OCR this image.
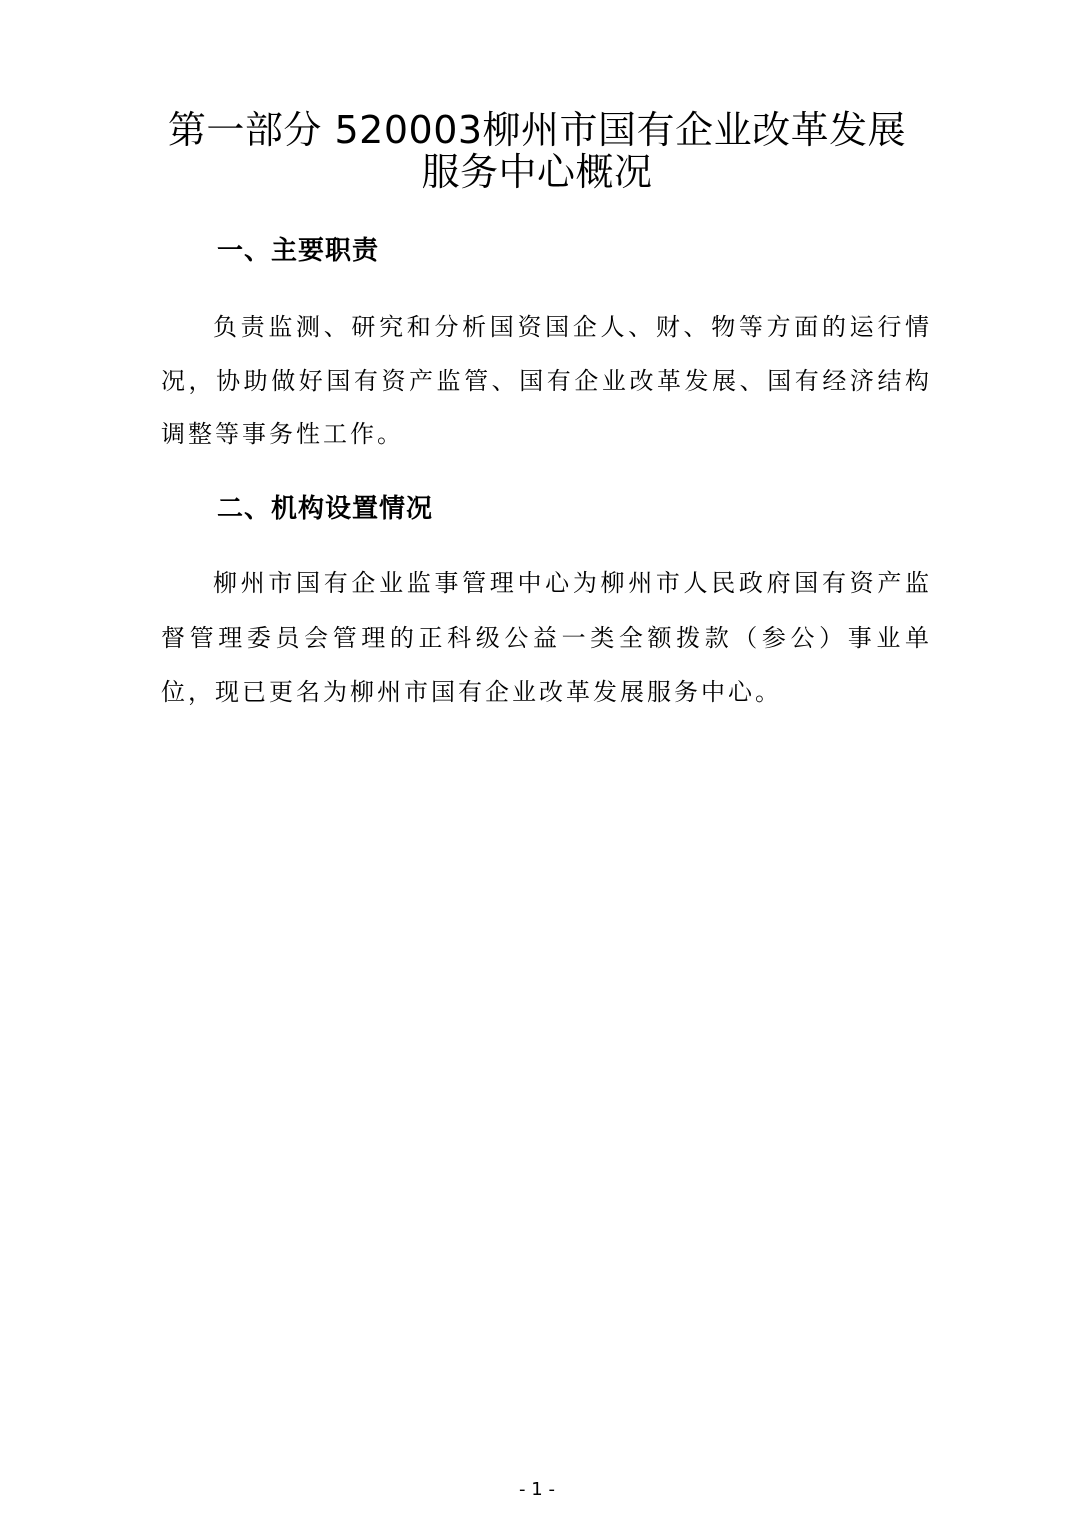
第一部分 520003柳州市国有企业改革发展
服务中心概况
一、主要职责

负责监测、研究和分析国资国企人、财、物等方面的运行情

况，协助做好国有资产监管、国有企业改革发展、国有经济结构

调整等事务性工作。

二、机构设置情况

柳州市国有企业监事管理中心为柳州市人民政府国有资产监

督管理委员会管理的正科级公益一类全额拨款（参公）事业单

位，现已更名为柳州市国有企业改革发展服务中心。

- 1 -
